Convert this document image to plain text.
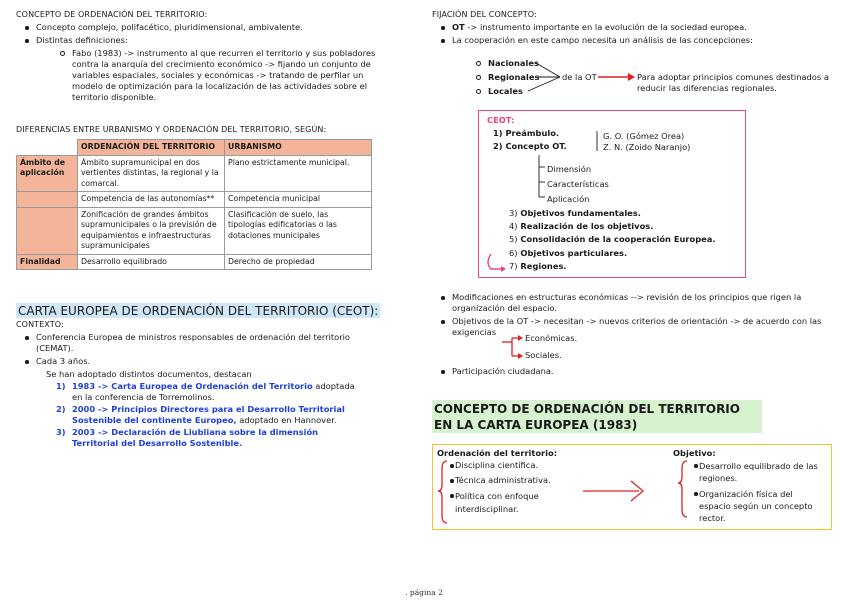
CONCEPTO DE ORDENACIÓN DEL TERRITORIO:
Concepto complejo, polifacético, pluridimensional, ambivalente.
Distintas definiciones:
Fabo (1983) -> instrumento al que recurren el territorio y sus pobladores contra la anarquía del crecimiento económico -> fijando un conjunto de variables espaciales, sociales y económicas -> tratando de perfilar un modelo de optimización para la localización de las actividades sobre el territorio disponible.
DIFERENCIAS ENTRE URBANISMO Y ORDENACIÓN DEL TERRITORIO, SEGÚN:
	ORDENACIÓN DEL TERRITORIO	URBANISMO
Ámbito de aplicación	Ámbito supramunicipal en dos vertientes distintas, la regional y la comarcal.	Plano estrictamente municipal.
	Competencia de las autonomías**	Competencia municipal
	Zonificación de grandes ámbitos supramunicipales o la previsión de equipamientos e infraestructuras supramunicipales	Clasificación de suelo, las tipologías edificatorias o las dotaciones municipales
Finalidad	Desarrollo equilibrado	Derecho de propiedad
CARTA EUROPEA DE ORDENACIÓN DEL TERRITORIO (CEOT):
CONTEXTO:
Conferencia Europea de ministros responsables de ordenación del territorio (CEMAT).
Cada 3 años.
Se han adoptado distintos documentos, destacan
1) 1983 -> Carta Europea de Ordenación del Territorio adoptada en la conferencia de Torremolinos.
2) 2000 -> Principios Directores para el Desarrollo Territorial Sostenible del continente Europeo, adoptado en Hannover.
3) 2003 -> Declaración de Liubliana sobre la dimensión Territorial del Desarrollo Sostenible.
FIJACIÓN DEL CONCEPTO:
OT -> instrumento importante en la evolución de la sociedad europea.
La cooperación en este campo necesita un análisis de las concepciones:
Nacionales
Regionales
Locales
de la OT	Para adoptar principios comunes destinados a reducir las diferencias regionales.
CEOT:
1) Preámbulo.
2) Concepto OT.
G. O. (Gómez Orea)
Z. N. (Zoido Naranjo)
Dimensión
Características
Aplicación
3) Objetivos fundamentales.
4) Realización de los objetivos.
5) Consolidación de la cooperación Europea.
6) Objetivos particulares.
7) Regiones.
Modificaciones en estructuras económicas --> revisión de los principios que rigen la organización del espacio.
Objetivos de la OT -> necesitan -> nuevos criterios de orientación -> de acuerdo con las exigencias
Económicas.
Sociales.
Participación ciudadana.
CONCEPTO DE ORDENACIÓN DEL TERRITORIO EN LA CARTA EUROPEA (1983)
Ordenación del territorio:
Disciplina científica.
Técnica administrativa.
Política con enfoque interdisciplinar.
Objetivo:
Desarrollo equilibrado de las regiones.
Organización física del espacio según un concepto rector.
. página 2
